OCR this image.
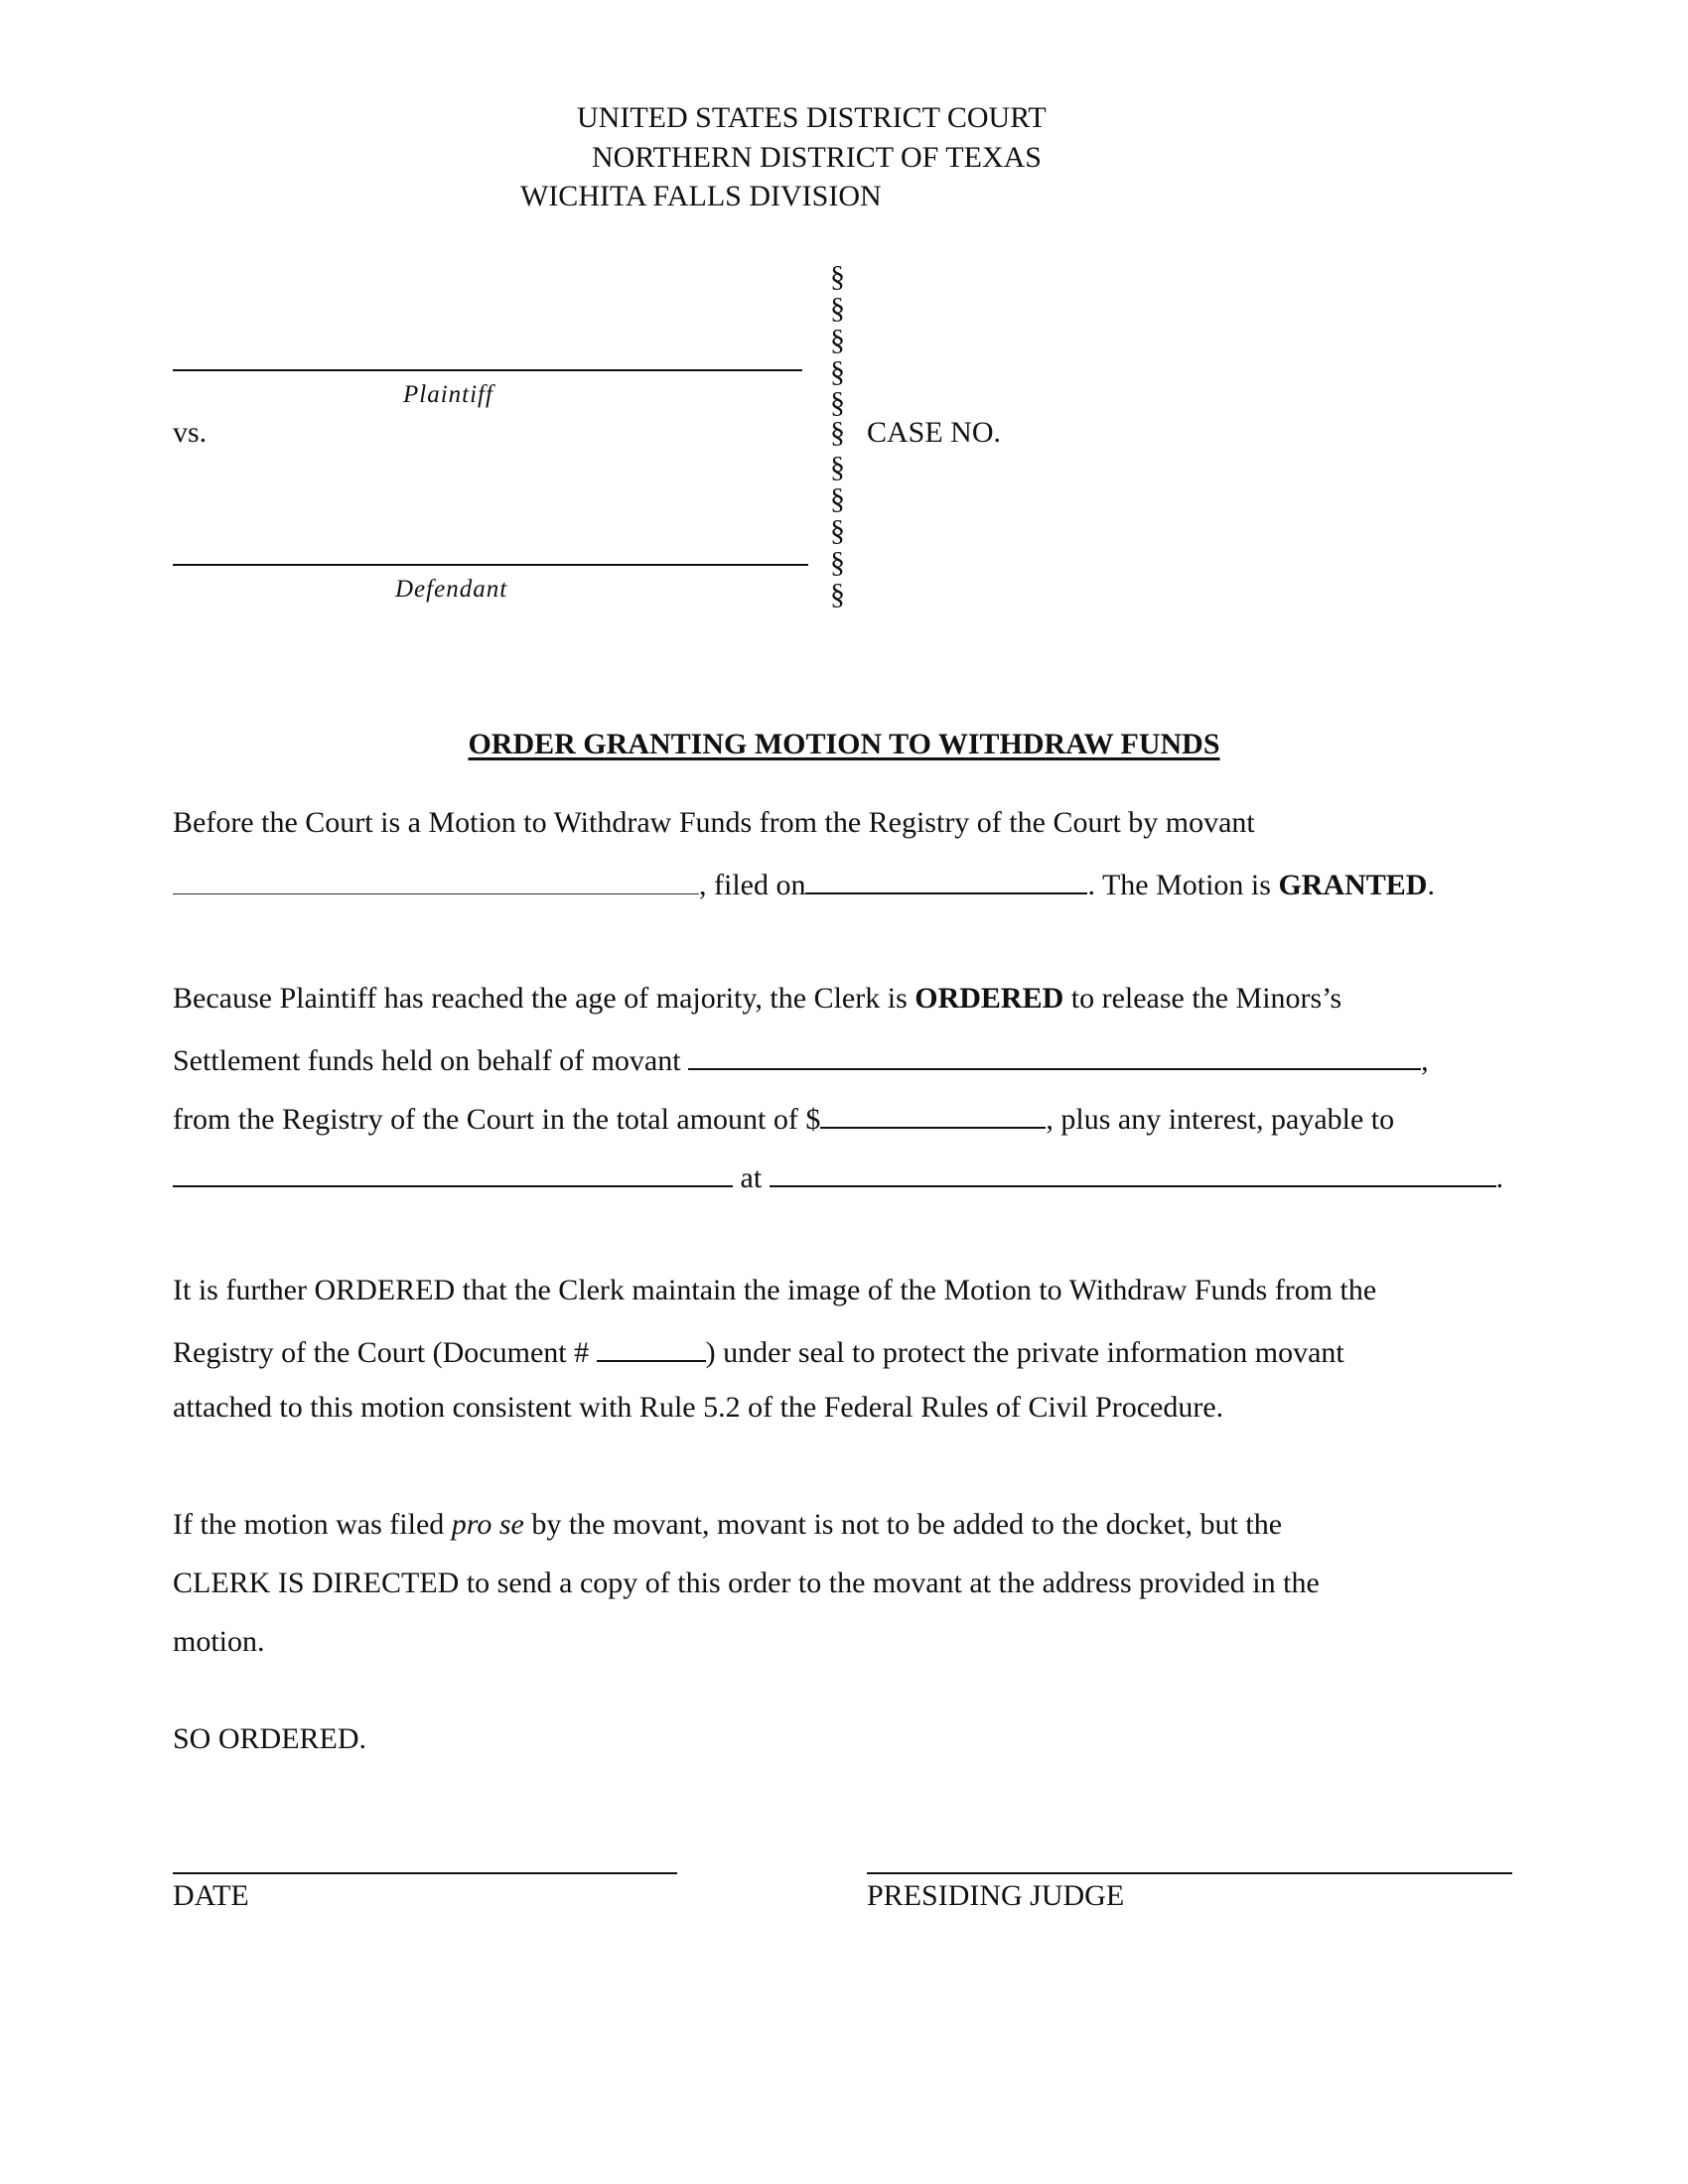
UNITED STATES DISTRICT COURT
NORTHERN DISTRICT OF TEXAS
WICHITA FALLS DIVISION
Plaintiff
vs.
Defendant
§
§
§
§
§
§
§
§
§
§
§
CASE NO.
ORDER GRANTING MOTION TO WITHDRAW FUNDS
Before the Court is a Motion to Withdraw Funds from the Registry of the Court by movant
, filed on	. The Motion is GRANTED.
Because Plaintiff has reached the age of majority, the Clerk is ORDERED to release the Minors’s
Settlement funds held on behalf of movant	,
from the Registry of the Court in the total amount of $	, plus any interest, payable to
at	.
It is further ORDERED that the Clerk maintain the image of the Motion to Withdraw Funds from the
Registry of the Court (Document #	) under seal to protect the private information movant
attached to this motion consistent with Rule 5.2 of the Federal Rules of Civil Procedure.
If the motion was filed pro se by the movant, movant is not to be added to the docket, but the
CLERK IS DIRECTED to send a copy of this order to the movant at the address provided in the
motion.
SO ORDERED.
DATE	PRESIDING JUDGE
